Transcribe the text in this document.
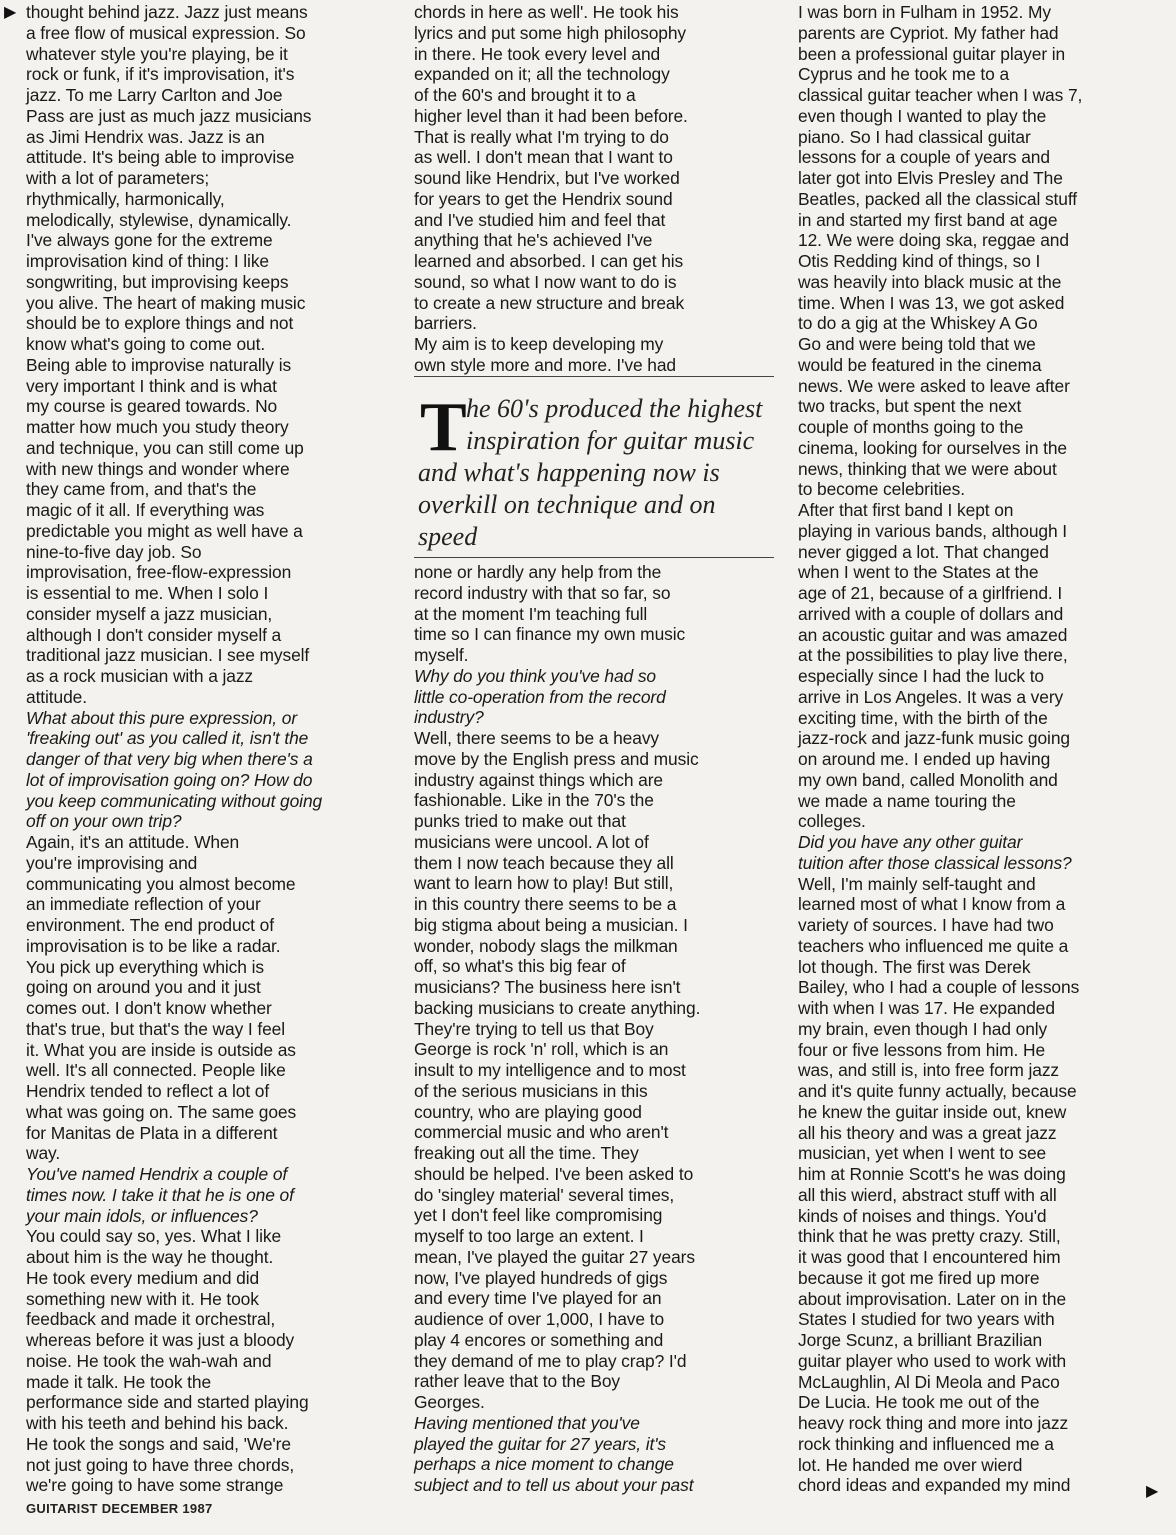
▶ thought behind jazz. Jazz just means
a free flow of musical expression. So
whatever style you're playing, be it
rock or funk, if it's improvisation, it's
jazz. To me Larry Carlton and Joe
Pass are just as much jazz musicians
as Jimi Hendrix was. Jazz is an
attitude. It's being able to improvise
with a lot of parameters;
rhythmically, harmonically,
melodically, stylewise, dynamically.
I've always gone for the extreme
improvisation kind of thing: I like
songwriting, but improvising keeps
you alive. The heart of making music
should be to explore things and not
know what's going to come out.
Being able to improvise naturally is
very important I think and is what
my course is geared towards. No
matter how much you study theory
and technique, you can still come up
with new things and wonder where
they came from, and that's the
magic of it all. If everything was
predictable you might as well have a
nine-to-five day job. So
improvisation, free-flow-expression
is essential to me. When I solo I
consider myself a jazz musician,
although I don't consider myself a
traditional jazz musician. I see myself
as a rock musician with a jazz
attitude.
What about this pure expression, or
'freaking out' as you called it, isn't the
danger of that very big when there's a
lot of improvisation going on? How do
you keep communicating without going
off on your own trip?
Again, it's an attitude. When
you're improvising and
communicating you almost become
an immediate reflection of your
environment. The end product of
improvisation is to be like a radar.
You pick up everything which is
going on around you and it just
comes out. I don't know whether
that's true, but that's the way I feel
it. What you are inside is outside as
well. It's all connected. People like
Hendrix tended to reflect a lot of
what was going on. The same goes
for Manitas de Plata in a different
way.
You've named Hendrix a couple of
times now. I take it that he is one of
your main idols, or influences?
You could say so, yes. What I like
about him is the way he thought.
He took every medium and did
something new with it. He took
feedback and made it orchestral,
whereas before it was just a bloody
noise. He took the wah-wah and
made it talk. He took the
performance side and started playing
with his teeth and behind his back.
He took the songs and said, 'We're
not just going to have three chords,
we're going to have some strange
chords in here as well'. He took his
lyrics and put some high philosophy
in there. He took every level and
expanded on it; all the technology
of the 60's and brought it to a
higher level than it had been before.
That is really what I'm trying to do
as well. I don't mean that I want to
sound like Hendrix, but I've worked
for years to get the Hendrix sound
and I've studied him and feel that
anything that he's achieved I've
learned and absorbed. I can get his
sound, so what I now want to do is
to create a new structure and break
barriers.
My aim is to keep developing my
own style more and more. I've had
T he 60's produced the highest
inspiration for guitar music
and what's happening now is
overkill on technique and on
speed
none or hardly any help from the
record industry with that so far, so
at the moment I'm teaching full
time so I can finance my own music
myself.
Why do you think you've had so
little co-operation from the record
industry?
Well, there seems to be a heavy
move by the English press and music
industry against things which are
fashionable. Like in the 70's the
punks tried to make out that
musicians were uncool. A lot of
them I now teach because they all
want to learn how to play! But still,
in this country there seems to be a
big stigma about being a musician. I
wonder, nobody slags the milkman
off, so what's this big fear of
musicians? The business here isn't
backing musicians to create anything.
They're trying to tell us that Boy
George is rock 'n' roll, which is an
insult to my intelligence and to most
of the serious musicians in this
country, who are playing good
commercial music and who aren't
freaking out all the time. They
should be helped. I've been asked to
do 'singley material' several times,
yet I don't feel like compromising
myself to too large an extent. I
mean, I've played the guitar 27 years
now, I've played hundreds of gigs
and every time I've played for an
audience of over 1,000, I have to
play 4 encores or something and
they demand of me to play crap? I'd
rather leave that to the Boy
Georges.
Having mentioned that you've
played the guitar for 27 years, it's
perhaps a nice moment to change
subject and to tell us about your past
I was born in Fulham in 1952. My
parents are Cypriot. My father had
been a professional guitar player in
Cyprus and he took me to a
classical guitar teacher when I was 7,
even though I wanted to play the
piano. So I had classical guitar
lessons for a couple of years and
later got into Elvis Presley and The
Beatles, packed all the classical stuff
in and started my first band at age
12. We were doing ska, reggae and
Otis Redding kind of things, so I
was heavily into black music at the
time. When I was 13, we got asked
to do a gig at the Whiskey A Go
Go and were being told that we
would be featured in the cinema
news. We were asked to leave after
two tracks, but spent the next
couple of months going to the
cinema, looking for ourselves in the
news, thinking that we were about
to become celebrities.
After that first band I kept on
playing in various bands, although I
never gigged a lot. That changed
when I went to the States at the
age of 21, because of a girlfriend. I
arrived with a couple of dollars and
an acoustic guitar and was amazed
at the possibilities to play live there,
especially since I had the luck to
arrive in Los Angeles. It was a very
exciting time, with the birth of the
jazz-rock and jazz-funk music going
on around me. I ended up having
my own band, called Monolith and
we made a name touring the
colleges.
Did you have any other guitar
tuition after those classical lessons?
Well, I'm mainly self-taught and
learned most of what I know from a
variety of sources. I have had two
teachers who influenced me quite a
lot though. The first was Derek
Bailey, who I had a couple of lessons
with when I was 17. He expanded
my brain, even though I had only
four or five lessons from him. He
was, and still is, into free form jazz
and it's quite funny actually, because
he knew the guitar inside out, knew
all his theory and was a great jazz
musician, yet when I went to see
him at Ronnie Scott's he was doing
all this wierd, abstract stuff with all
kinds of noises and things. You'd
think that he was pretty crazy. Still,
it was good that I encountered him
because it got me fired up more
about improvisation. Later on in the
States I studied for two years with
Jorge Scunz, a brilliant Brazilian
guitar player who used to work with
McLaughlin, Al Di Meola and Paco
De Lucia. He took me out of the
heavy rock thing and more into jazz
rock thinking and influenced me a
lot. He handed me over wierd
chord ideas and expanded my mind	▶
GUITARIST DECEMBER 1987
